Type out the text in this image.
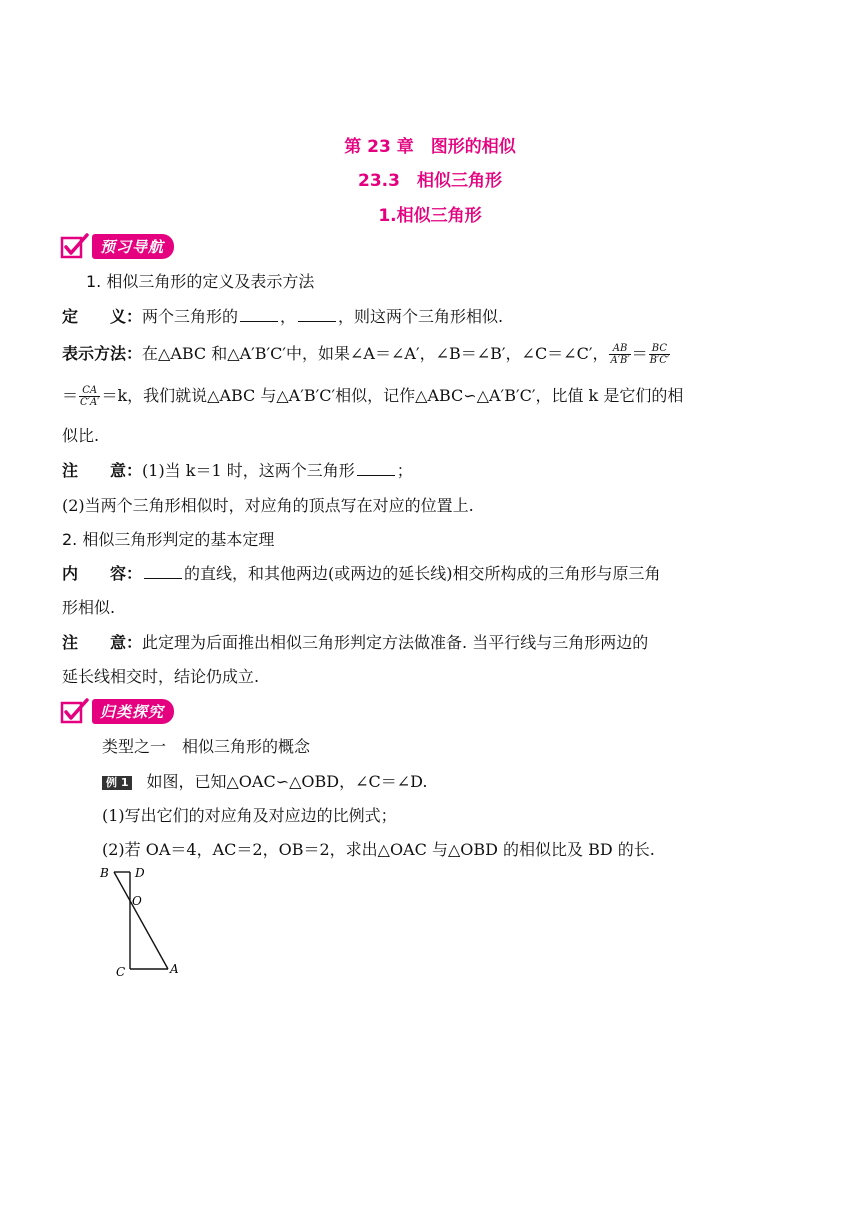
第 23 章　图形的相似
23.3　相似三角形
1.相似三角形
预习导航
1. 相似三角形的定义及表示方法
定　　义：两个三角形的	，	，则这两个三角形相似.
表示方法：在△ABC 和△A′B′C′中，如果∠A＝∠A′，∠B＝∠B′，∠C＝∠C′， $\frac{AB}{A'B'} = \frac{BC}{B'C'}$
＝ $\frac{CA}{C'A'} =k$，我们就说△ABC 与△A′B′C′相似，记作△ABC∽△A′B′C′，比值 k 是它们的相
似比.
注　　意：(1)当 k＝1 时，这两个三角形	；
(2)当两个三角形相似时，对应角的顶点写在对应的位置上.
2. 相似三角形判定的基本定理
内　　容：	的直线，和其他两边(或两边的延长线)相交所构成的三角形与原三角
形相似.
注　　意：此定理为后面推出相似三角形判定方法做准备. 当平行线与三角形两边的
延长线相交时，结论仍成立.
归类探究
类型之一　相似三角形的概念
例 1 如图，已知△OAC∽△OBD，∠C＝∠D.
(1)写出它们的对应角及对应边的比例式；
(2)若 OA＝4，AC＝2，OB＝2，求出△OAC 与△OBD 的相似比及 BD 的长.
B D
O
C	A
